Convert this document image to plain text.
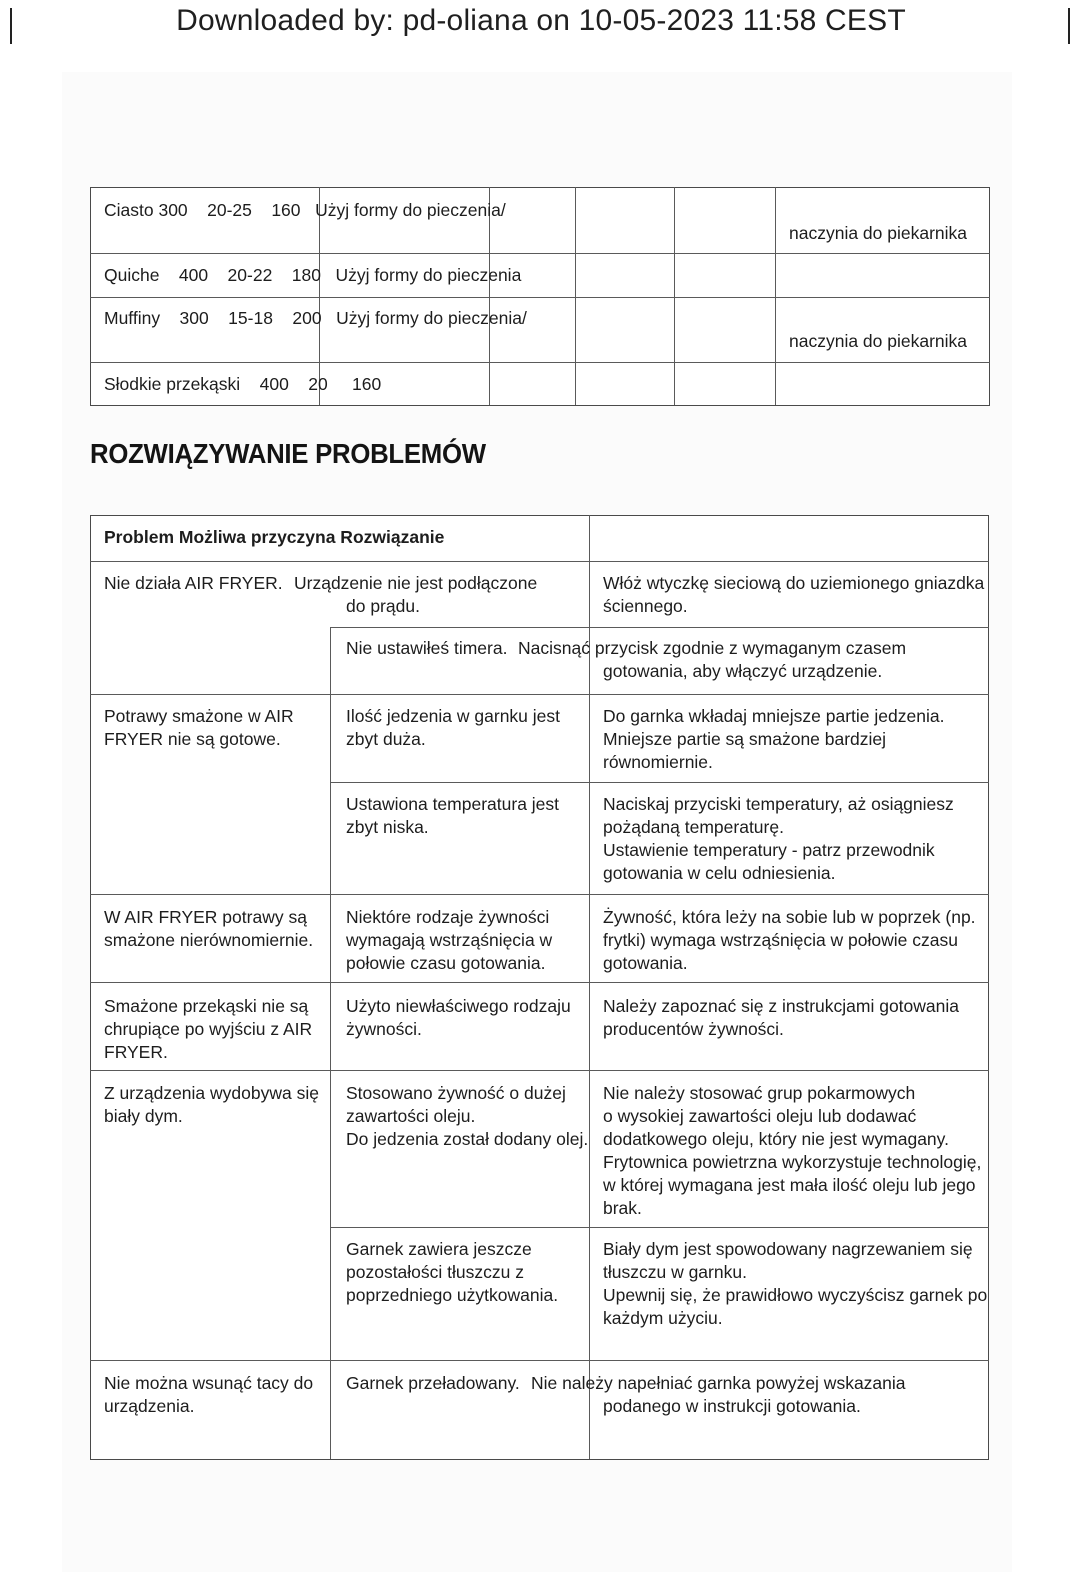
Downloaded by: pd-oliana on 10-05-2023 11:58 CEST
Ciasto 300    20-25    160   Użyj formy do pieczenia/
naczynia do piekarnika
Quiche    400    20-22    180   Użyj formy do pieczenia
Muffiny    300    15-18    200   Użyj formy do pieczenia/
naczynia do piekarnika
Słodkie przekąski    400    20     160
ROZWIĄZYWANIE PROBLEMÓW
Problem Możliwa przyczyna Rozwiązanie
Nie działa AIR FRYER. Urządzenie nie jest podłączone
do prądu.
Włóż wtyczkę sieciową do uziemionego gniazdka
ściennego.
Nie ustawiłeś timera. Nacisnąć przycisk zgodnie z wymaganym czasem
gotowania, aby włączyć urządzenie.
Potrawy smażone w AIR
FRYER nie są gotowe.
Ilość jedzenia w garnku jest
zbyt duża.
Do garnka wkładaj mniejsze partie jedzenia.
Mniejsze partie są smażone bardziej
równomiernie.
Ustawiona temperatura jest
zbyt niska.
Naciskaj przyciski temperatury, aż osiągniesz
pożądaną temperaturę.
Ustawienie temperatury - patrz przewodnik
gotowania w celu odniesienia.
W AIR FRYER potrawy są
smażone nierównomiernie.
Niektóre rodzaje żywności
wymagają wstrząśnięcia w
połowie czasu gotowania.
Żywność, która leży na sobie lub w poprzek (np.
frytki) wymaga wstrząśnięcia w połowie czasu
gotowania.
Smażone przekąski nie są
chrupiące po wyjściu z AIR
FRYER.
Użyto niewłaściwego rodzaju
żywności.
Należy zapoznać się z instrukcjami gotowania
producentów żywności.
Z urządzenia wydobywa się
biały dym.
Stosowano żywność o dużej
zawartości oleju.
Do jedzenia został dodany olej.
Nie należy stosować grup pokarmowych
o wysokiej zawartości oleju lub dodawać
dodatkowego oleju, który nie jest wymagany.
Frytownica powietrzna wykorzystuje technologię,
w której wymagana jest mała ilość oleju lub jego
brak.
Garnek zawiera jeszcze
pozostałości tłuszczu z
poprzedniego użytkowania.
Biały dym jest spowodowany nagrzewaniem się
tłuszczu w garnku.
Upewnij się, że prawidłowo wyczyścisz garnek po
każdym użyciu.
Nie można wsunąć tacy do
urządzenia.
Garnek przeładowany. Nie należy napełniać garnka powyżej wskazania
podanego w instrukcji gotowania.
